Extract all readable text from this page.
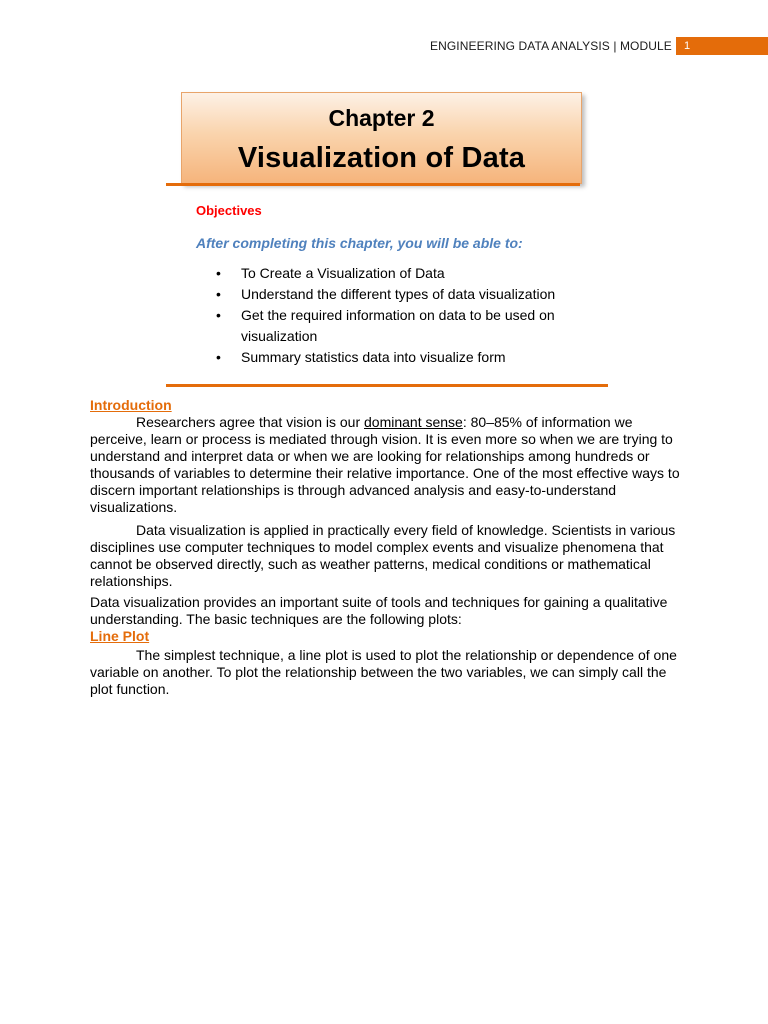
ENGINEERING DATA ANALYSIS | MODULE	1
Chapter 2
Visualization of Data
Objectives
After completing this chapter, you will be able to:
• To Create a Visualization of Data
• Understand the different types of data visualization
• Get the required information on data to be used on visualization
• Summary statistics data into visualize form
Introduction

Researchers agree that vision is our dominant sense: 80–85% of information we perceive, learn or process is mediated through vision. It is even more so when we are trying to understand and interpret data or when we are looking for relationships among hundreds or thousands of variables to determine their relative importance. One of the most effective ways to discern important relationships is through advanced analysis and easy-to-understand visualizations.

Data visualization is applied in practically every field of knowledge. Scientists in various disciplines use computer techniques to model complex events and visualize phenomena that cannot be observed directly, such as weather patterns, medical conditions or mathematical relationships.

Data visualization provides an important suite of tools and techniques for gaining a qualitative understanding. The basic techniques are the following plots:

Line Plot

The simplest technique, a line plot is used to plot the relationship or dependence of one variable on another. To plot the relationship between the two variables, we can simply call the plot function.
